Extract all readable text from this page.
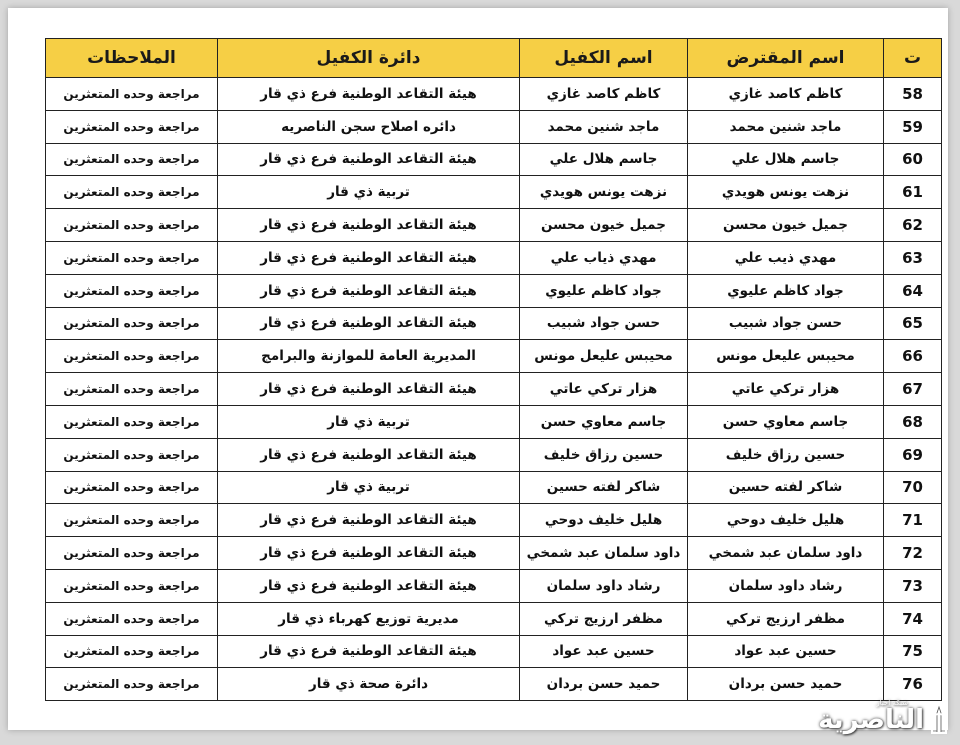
ت	اسم المقترض	اسم الكفيل	دائرة الكفيل	الملاحظات
58	كاظم كاصد غازي	كاظم كاصد غازي	هيئة التقاعد الوطنية فرع ذي قار	مراجعة وحده المتعثرين
59	ماجد شنين محمد	ماجد شنين محمد	دائره اصلاح سجن الناصريه	مراجعة وحده المتعثرين
60	جاسم هلال علي	جاسم هلال علي	هيئة التقاعد الوطنية فرع ذي قار	مراجعة وحده المتعثرين
61	نزهت يونس هويدي	نزهت يونس هويدي	تربية ذي قار	مراجعة وحده المتعثرين
62	جميل خيون محسن	جميل خيون محسن	هيئة التقاعد الوطنية فرع ذي قار	مراجعة وحده المتعثرين
63	مهدي ذيب علي	مهدي ذياب علي	هيئة التقاعد الوطنية فرع ذي قار	مراجعة وحده المتعثرين
64	جواد كاظم عليوي	جواد كاظم عليوي	هيئة التقاعد الوطنية فرع ذي قار	مراجعة وحده المتعثرين
65	حسن جواد شبيب	حسن جواد شبيب	هيئة التقاعد الوطنية فرع ذي قار	مراجعة وحده المتعثرين
66	محيبس عليعل مونس	محيبس عليعل مونس	المديرية العامة للموازنة والبرامج	مراجعة وحده المتعثرين
67	هزار تركي عاتي	هزار تركي عاتي	هيئة التقاعد الوطنية فرع ذي قار	مراجعة وحده المتعثرين
68	جاسم معاوي حسن	جاسم معاوي حسن	تربية ذي قار	مراجعة وحده المتعثرين
69	حسين رزاق خليف	حسين رزاق خليف	هيئة التقاعد الوطنية فرع ذي قار	مراجعة وحده المتعثرين
70	شاكر لفته حسين	شاكر لفته حسين	تربية ذي قار	مراجعة وحده المتعثرين
71	هليل خليف دوحي	هليل خليف دوحي	هيئة التقاعد الوطنية فرع ذي قار	مراجعة وحده المتعثرين
72	داود سلمان عبد شمخي	داود سلمان عبد شمخي	هيئة التقاعد الوطنية فرع ذي قار	مراجعة وحده المتعثرين
73	رشاد داود سلمان	رشاد داود سلمان	هيئة التقاعد الوطنية فرع ذي قار	مراجعة وحده المتعثرين
74	مظفر ارزيج تركي	مظفر ارزيج تركي	مديرية توزيع كهرباء ذي قار	مراجعة وحده المتعثرين
75	حسين عبد عواد	حسين عبد عواد	هيئة التقاعد الوطنية فرع ذي قار	مراجعة وحده المتعثرين
76	حميد حسن بردان	حميد حسن بردان	دائرة صحة ذي قار	مراجعة وحده المتعثرين
شبكة اخبار
الناصرية
